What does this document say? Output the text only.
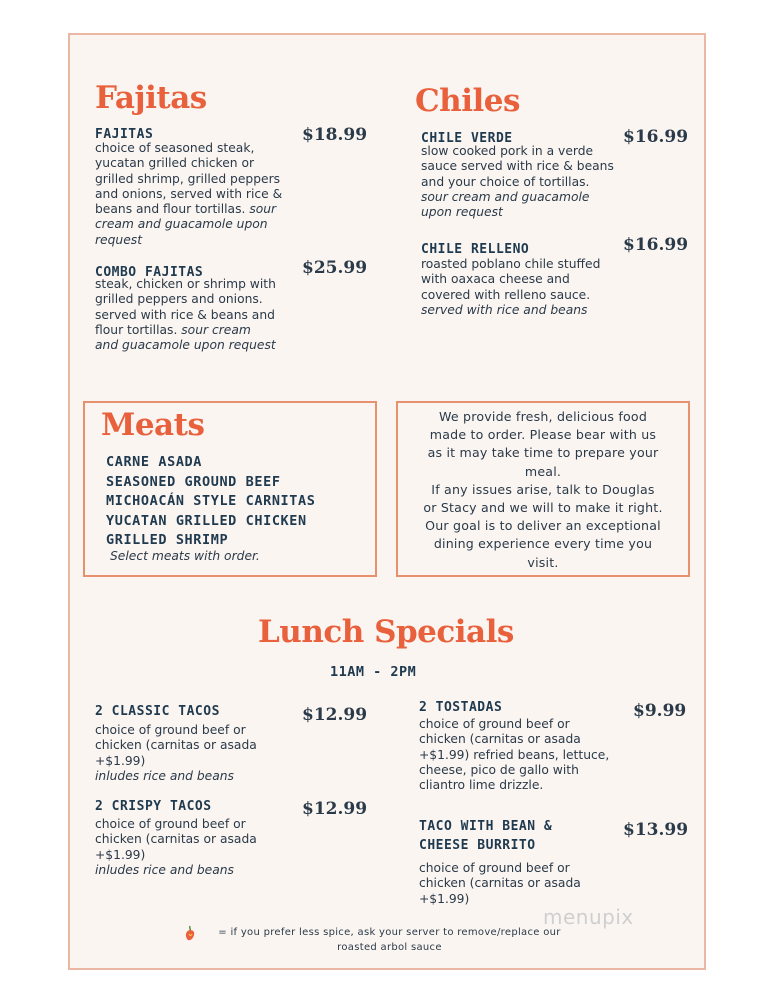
Fajitas
FAJITAS	$18.99
choice of seasoned steak,
yucatan grilled chicken or
grilled shrimp, grilled peppers
and onions, served with rice &
beans and flour tortillas. sour
cream and guacamole upon
request
COMBO FAJITAS	$25.99
steak, chicken or shrimp with
grilled peppers and onions.
served with rice & beans and
flour tortillas. sour cream
and guacamole upon request
Chiles
CHILE VERDE	$16.99
slow cooked pork in a verde
sauce served with rice & beans
and your choice of tortillas.
sour cream and guacamole
upon request
CHILE RELLENO	$16.99
roasted poblano chile stuffed
with oaxaca cheese and
covered with relleno sauce.
served with rice and beans
Meats
CARNE ASADA
SEASONED GROUND BEEF
MICHOACÁN STYLE CARNITAS
YUCATAN GRILLED CHICKEN
GRILLED SHRIMP
Select meats with order.
We provide fresh, delicious food
made to order. Please bear with us
as it may take time to prepare your
meal.
If any issues arise, talk to Douglas
or Stacy and we will to make it right.
Our goal is to deliver an exceptional
dining experience every time you
visit.
Lunch Specials
11AM - 2PM
2 CLASSIC TACOS	$12.99
choice of ground beef or
chicken (carnitas or asada
+$1.99)
inludes rice and beans
2 CRISPY TACOS	$12.99
choice of ground beef or
chicken (carnitas or asada
+$1.99)
inludes rice and beans
2 TOSTADAS	$9.99
choice of ground beef or
chicken (carnitas or asada
+$1.99) refried beans, lettuce,
cheese, pico de gallo with
cliantro lime drizzle.
TACO WITH BEAN &
CHEESE BURRITO
$13.99
choice of ground beef or
chicken (carnitas or asada
+$1.99)
= if you prefer less spice, ask your server to remove/replace our
roasted arbol sauce
menupix
